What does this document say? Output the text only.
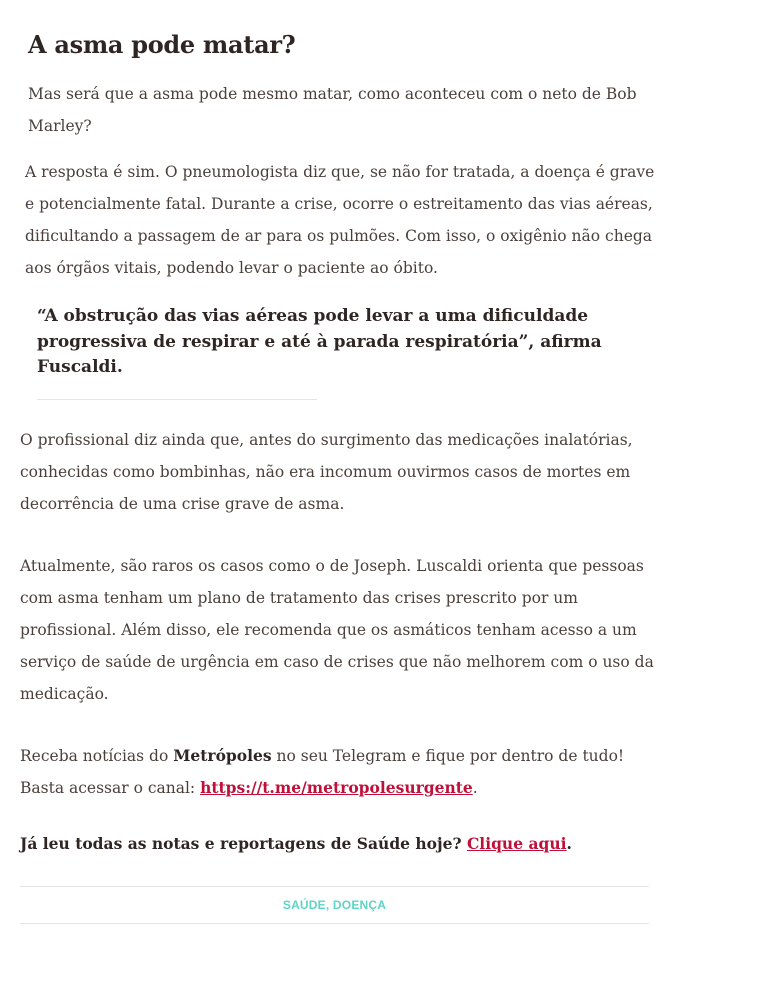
A asma pode matar?

Mas será que a asma pode mesmo matar, como aconteceu com o neto de Bob Marley?

A resposta é sim. O pneumologista diz que, se não for tratada, a doença é grave e potencialmente fatal. Durante a crise, ocorre o estreitamento das vias aéreas, dificultando a passagem de ar para os pulmões. Com isso, o oxigênio não chega aos órgãos vitais, podendo levar o paciente ao óbito.

“A obstrução das vias aéreas pode levar a uma dificuldade progressiva de respirar e até à parada respiratória”, afirma Fuscaldi.

O profissional diz ainda que, antes do surgimento das medicações inalatórias, conhecidas como bombinhas, não era incomum ouvirmos casos de mortes em decorrência de uma crise grave de asma.

Atualmente, são raros os casos como o de Joseph. Luscaldi orienta que pessoas com asma tenham um plano de tratamento das crises prescrito por um profissional. Além disso, ele recomenda que os asmáticos tenham acesso a um serviço de saúde de urgência em caso de crises que não melhorem com o uso da medicação.

Receba notícias do Metrópoles no seu Telegram e fique por dentro de tudo! Basta acessar o canal: https://t.me/metropolesurgente.

Já leu todas as notas e reportagens de Saúde hoje? Clique aqui.

SAÚDE, DOENÇA
